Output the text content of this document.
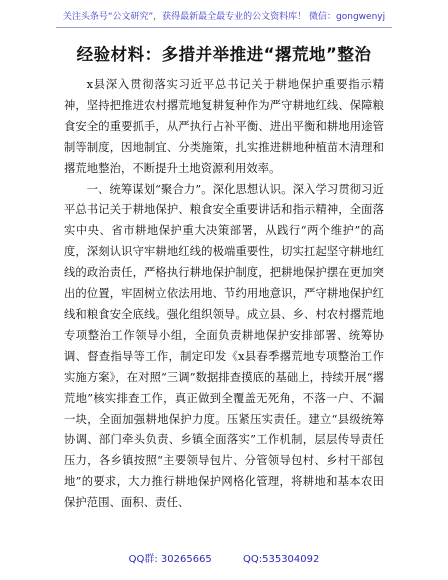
关注头条号“公文研究”，获得最新最全最专业的公文资料库！ 微信：gongwenyj
经验材料：多措并举推进“撂荒地”整治

x县深入贯彻落实习近平总书记关于耕地保护重要指示精神，坚持把推进农村撂荒地复耕复种作为严守耕地红线、保障粮食安全的重要抓手，从严执行占补平衡、进出平衡和耕地用途管制等制度，因地制宜、分类施策，扎实推进耕地种植苗木清理和撂荒地整治，不断提升土地资源利用效率。

一、统筹谋划“聚合力”。深化思想认识。深入学习贯彻习近平总书记关于耕地保护、粮食安全重要讲话和指示精神，全面落实中央、省市耕地保护重大决策部署，从践行“两个维护”的高度，深刻认识守牢耕地红线的极端重要性，切实扛起坚守耕地红线的政治责任，严格执行耕地保护制度，把耕地保护摆在更加突出的位置，牢固树立依法用地、节约用地意识，严守耕地保护红线和粮食安全底线。强化组织领导。成立县、乡、村农村撂荒地专项整治工作领导小组，全面负责耕地保护安排部署、统筹协调、督查指导等工作，制定印发《x县春季撂荒地专项整治工作实施方案》，在对照“三调”数据排查摸底的基础上，持续开展“撂荒地”核实排查工作，真正做到全覆盖无死角，不落一户、不漏一块，全面加强耕地保护力度。压紧压实责任。建立“县级统筹协调、部门牵头负责、乡镇全面落实”工作机制，层层传导责任压力，各乡镇按照“主要领导包片、分管领导包村、乡村干部包地”的要求，大力推行耕地保护网格化管理，将耕地和基本农田保护范围、面积、责任、

QQ群: 30265665	QQ:535304092
